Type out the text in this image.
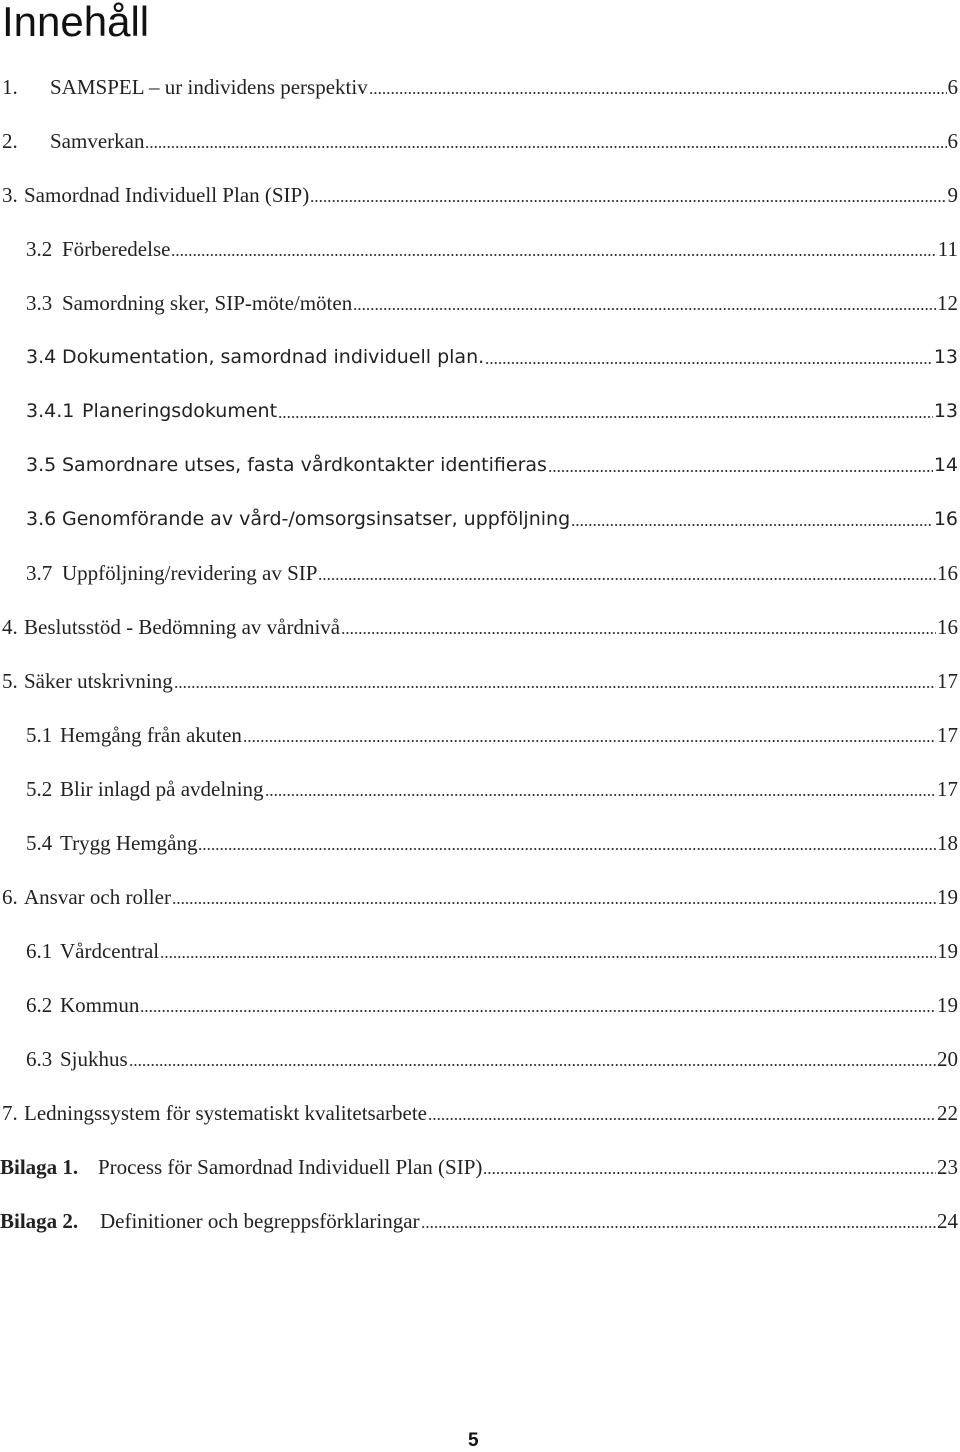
Innehåll
1. SAMSPEL – ur individens perspektiv	6
2. Samverkan	6
3. Samordnad Individuell Plan (SIP)	9
3.2 Förberedelse	11
3.3 Samordning sker, SIP-möte/möten	12
3.4 Dokumentation, samordnad individuell plan.	13
3.4.1 Planeringsdokument	13
3.5 Samordnare utses, fasta vårdkontakter identifieras	14
3.6 Genomförande av vård-/omsorgsinsatser, uppföljning	16
3.7 Uppföljning/revidering av SIP	16
4. Beslutsstöd - Bedömning av vårdnivå	16
5. Säker utskrivning	17
5.1 Hemgång från akuten	17
5.2 Blir inlagd på avdelning	17
5.4 Trygg Hemgång	18
6. Ansvar och roller	19
6.1 Vårdcentral	19
6.2 Kommun	19
6.3 Sjukhus	20
7. Ledningssystem för systematiskt kvalitetsarbete	22
Bilaga 1. Process för Samordnad Individuell Plan (SIP)	23
Bilaga 2. Definitioner och begreppsförklaringar	24
5
